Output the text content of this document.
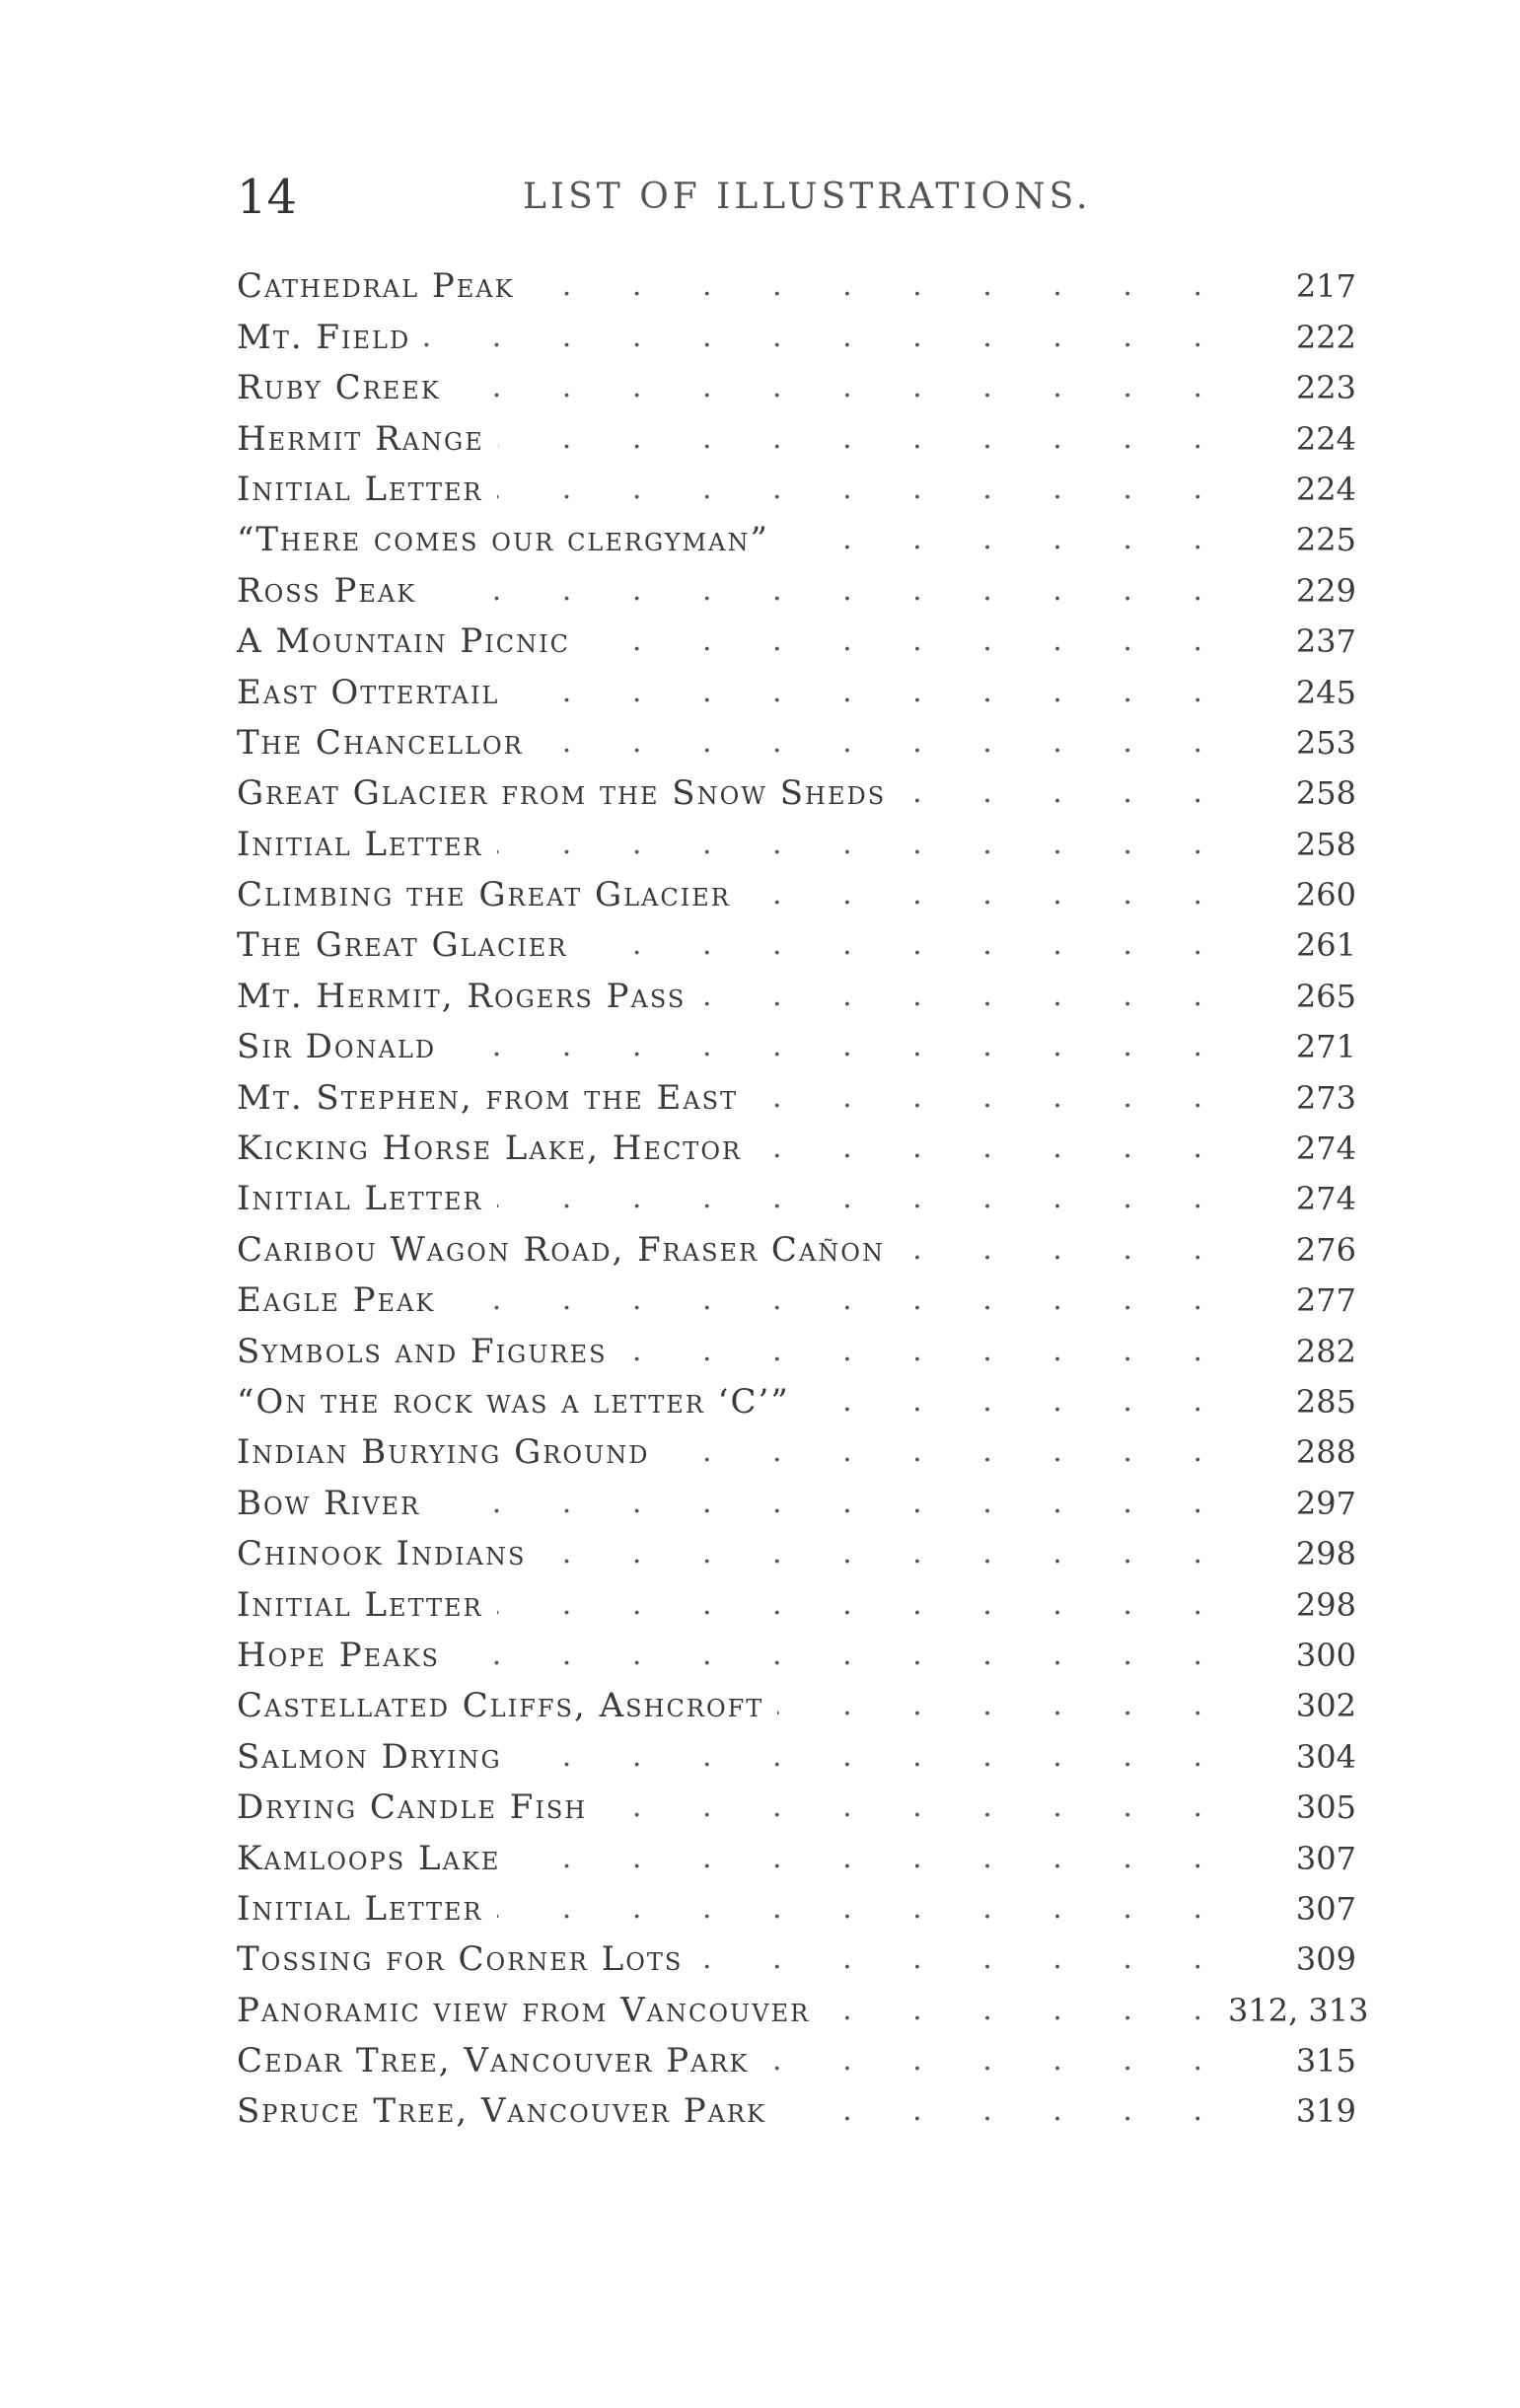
14	LIST OF ILLUSTRATIONS.
Cathedral Peak . . .	217
Mt. Field . . .	222
Ruby Creek . . .	223
Hermit Range . . .	224
Initial Letter . . .	224
“There comes our clergyman” . . .	225
Ross Peak . . .	229
A Mountain Picnic . . .	237
East Ottertail . . .	245
The Chancellor . . .	253
Great Glacier from the Snow Sheds . . .	258
Initial Letter . . .	258
Climbing the Great Glacier . . .	260
The Great Glacier . . .	261
Mt. Hermit, Rogers Pass . . .	265
Sir Donald . . .	271
Mt. Stephen, from the East . . .	273
Kicking Horse Lake, Hector . . .	274
Initial Letter . . .	274
Caribou Wagon Road, Fraser Cañon . . .	276
Eagle Peak . . .	277
Symbols and Figures . . .	282
“On the rock was a letter ‘C’” . . .	285
Indian Burying Ground . . .	288
Bow River . . .	297
Chinook Indians . . .	298
Initial Letter . . .	298
Hope Peaks . . .	300
Castellated Cliffs, Ashcroft . . .	302
Salmon Drying . . .	304
Drying Candle Fish . . .	305
Kamloops Lake . . .	307
Initial Letter . . .	307
Tossing for Corner Lots . . .	309
Panoramic view from Vancouver . . .	312, 313
Cedar Tree, Vancouver Park . . .	315
Spruce Tree, Vancouver Park . . .	319
